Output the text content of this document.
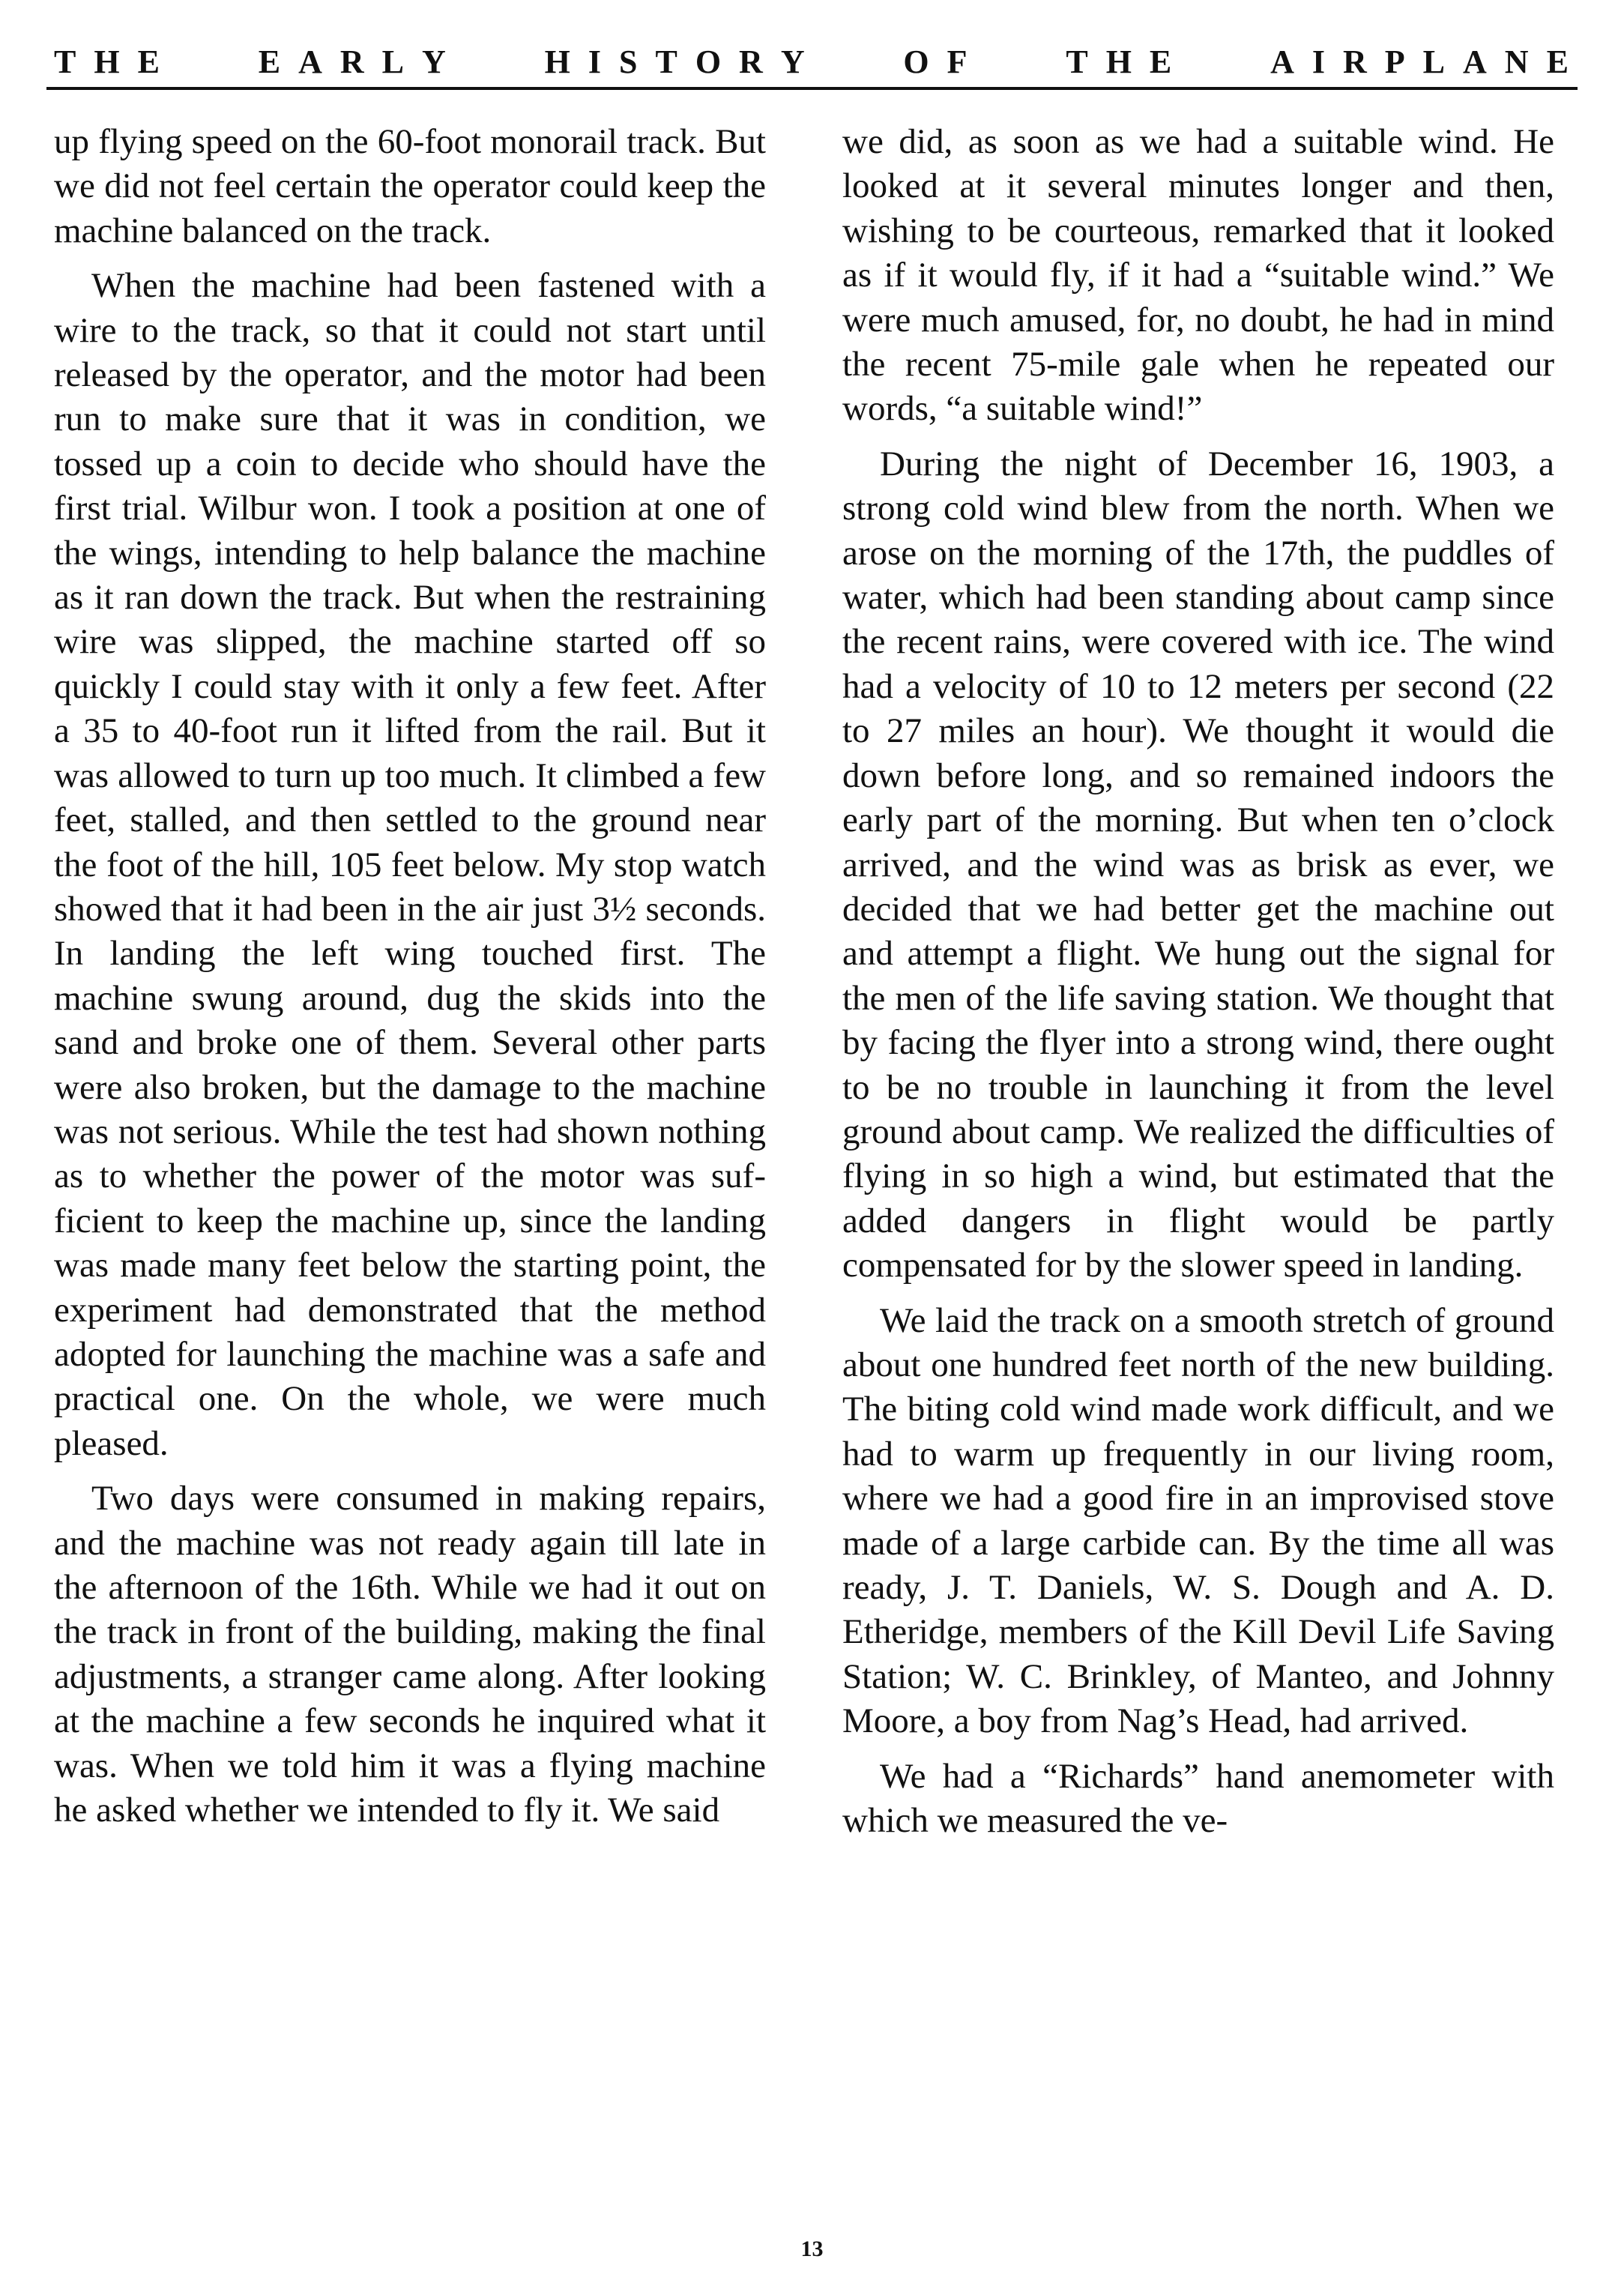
T H E	E A R L Y	H I S T O R Y	O F	T H E	A I R P L A N E

up flying speed on the 60-foot monorail track. But we did not feel certain the operator could keep the machine balanced on the track.

When the machine had been fastened with a wire to the track, so that it could not start until released by the operator, and the motor had been run to make sure that it was in condition, we tossed up a coin to decide who should have the first trial. Wilbur won. I took a position at one of the wings, intending to help balance the machine as it ran down the track. But when the restraining wire was slipped, the machine started off so quickly I could stay with it only a few feet. After a 35 to 40-foot run it lifted from the rail. But it was allowed to turn up too much. It climbed a few feet, stalled, and then settled to the ground near the foot of the hill, 105 feet below. My stop watch showed that it had been in the air just 3½ seconds. In landing the left wing touched first. The machine swung around, dug the skids into the sand and broke one of them. Several other parts were also broken, but the damage to the machine was not serious. While the test had shown nothing as to whether the power of the motor was sufficient to keep the machine up, since the landing was made many feet below the starting point, the experiment had demonstrated that the method adopted for launching the machine was a safe and practical one. On the whole, we were much pleased.

Two days were consumed in making repairs, and the machine was not ready again till late in the afternoon of the 16th. While we had it out on the track in front of the building, making the final adjustments, a stranger came along. After looking at the machine a few seconds he inquired what it was. When we told him it was a flying machine he asked whether we intended to fly it. We said

we did, as soon as we had a suitable wind. He looked at it several minutes longer and then, wishing to be courteous, remarked that it looked as if it would fly, if it had a “suitable wind.” We were much amused, for, no doubt, he had in mind the recent 75-mile gale when he repeated our words, “a suitable wind!”

During the night of December 16, 1903, a strong cold wind blew from the north. When we arose on the morning of the 17th, the puddles of water, which had been standing about camp since the recent rains, were covered with ice. The wind had a velocity of 10 to 12 meters per second (22 to 27 miles an hour). We thought it would die down before long, and so remained indoors the early part of the morning. But when ten o’clock arrived, and the wind was as brisk as ever, we decided that we had better get the machine out and attempt a flight. We hung out the signal for the men of the life saving station. We thought that by facing the flyer into a strong wind, there ought to be no trouble in launching it from the level ground about camp. We realized the difficulties of flying in so high a wind, but estimated that the added dangers in flight would be partly compensated for by the slower speed in landing.

We laid the track on a smooth stretch of ground about one hundred feet north of the new building. The biting cold wind made work difficult, and we had to warm up frequently in our living room, where we had a good fire in an improvised stove made of a large carbide can. By the time all was ready, J. T. Daniels, W. S. Dough and A. D. Etheridge, members of the Kill Devil Life Saving Station; W. C. Brinkley, of Manteo, and Johnny Moore, a boy from Nag’s Head, had arrived.

We had a “Richards” hand anemometer with which we measured the ve-

13
